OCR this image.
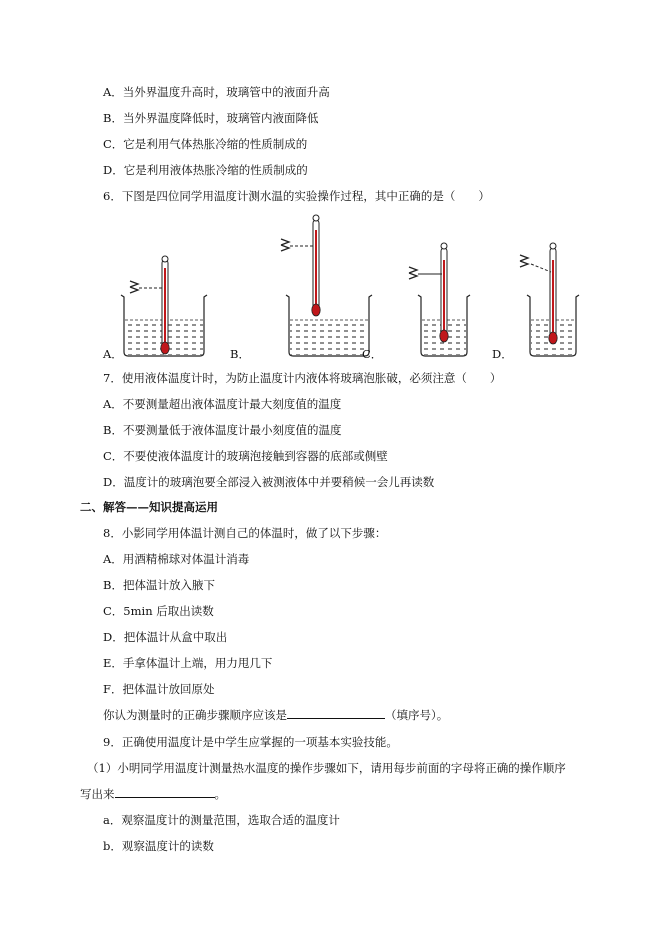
A．当外界温度升高时，玻璃管中的液面升高
B．当外界温度降低时，玻璃管内液面降低
C．它是利用气体热胀冷缩的性质制成的
D．它是利用液体热胀冷缩的性质制成的
6．下图是四位同学用温度计测水温的实验操作过程，其中正确的是（　　）
A．	B．	C．	D．
7．使用液体温度计时，为防止温度计内液体将玻璃泡胀破，必须注意（　　）
A．不要测量超出液体温度计最大刻度值的温度
B．不要测量低于液体温度计最小刻度值的温度
C．不要使液体温度计的玻璃泡接触到容器的底部或侧壁
D．温度计的玻璃泡要全部浸入被测液体中并要稍候一会儿再读数
二、解答——知识提高运用
8．小影同学用体温计测自己的体温时，做了以下步骤：
A．用酒精棉球对体温计消毒
B．把体温计放入腋下
C．5min 后取出读数
D．把体温计从盒中取出
E．手拿体温计上端，用力甩几下
F．把体温计放回原处
你认为测量时的正确步骤顺序应该是	（填序号）。
9．正确使用温度计是中学生应掌握的一项基本实验技能。
（1）小明同学用温度计测量热水温度的操作步骤如下，请用每步前面的字母将正确的操作顺序
写出来	。
a．观察温度计的测量范围，选取合适的温度计
b．观察温度计的读数
